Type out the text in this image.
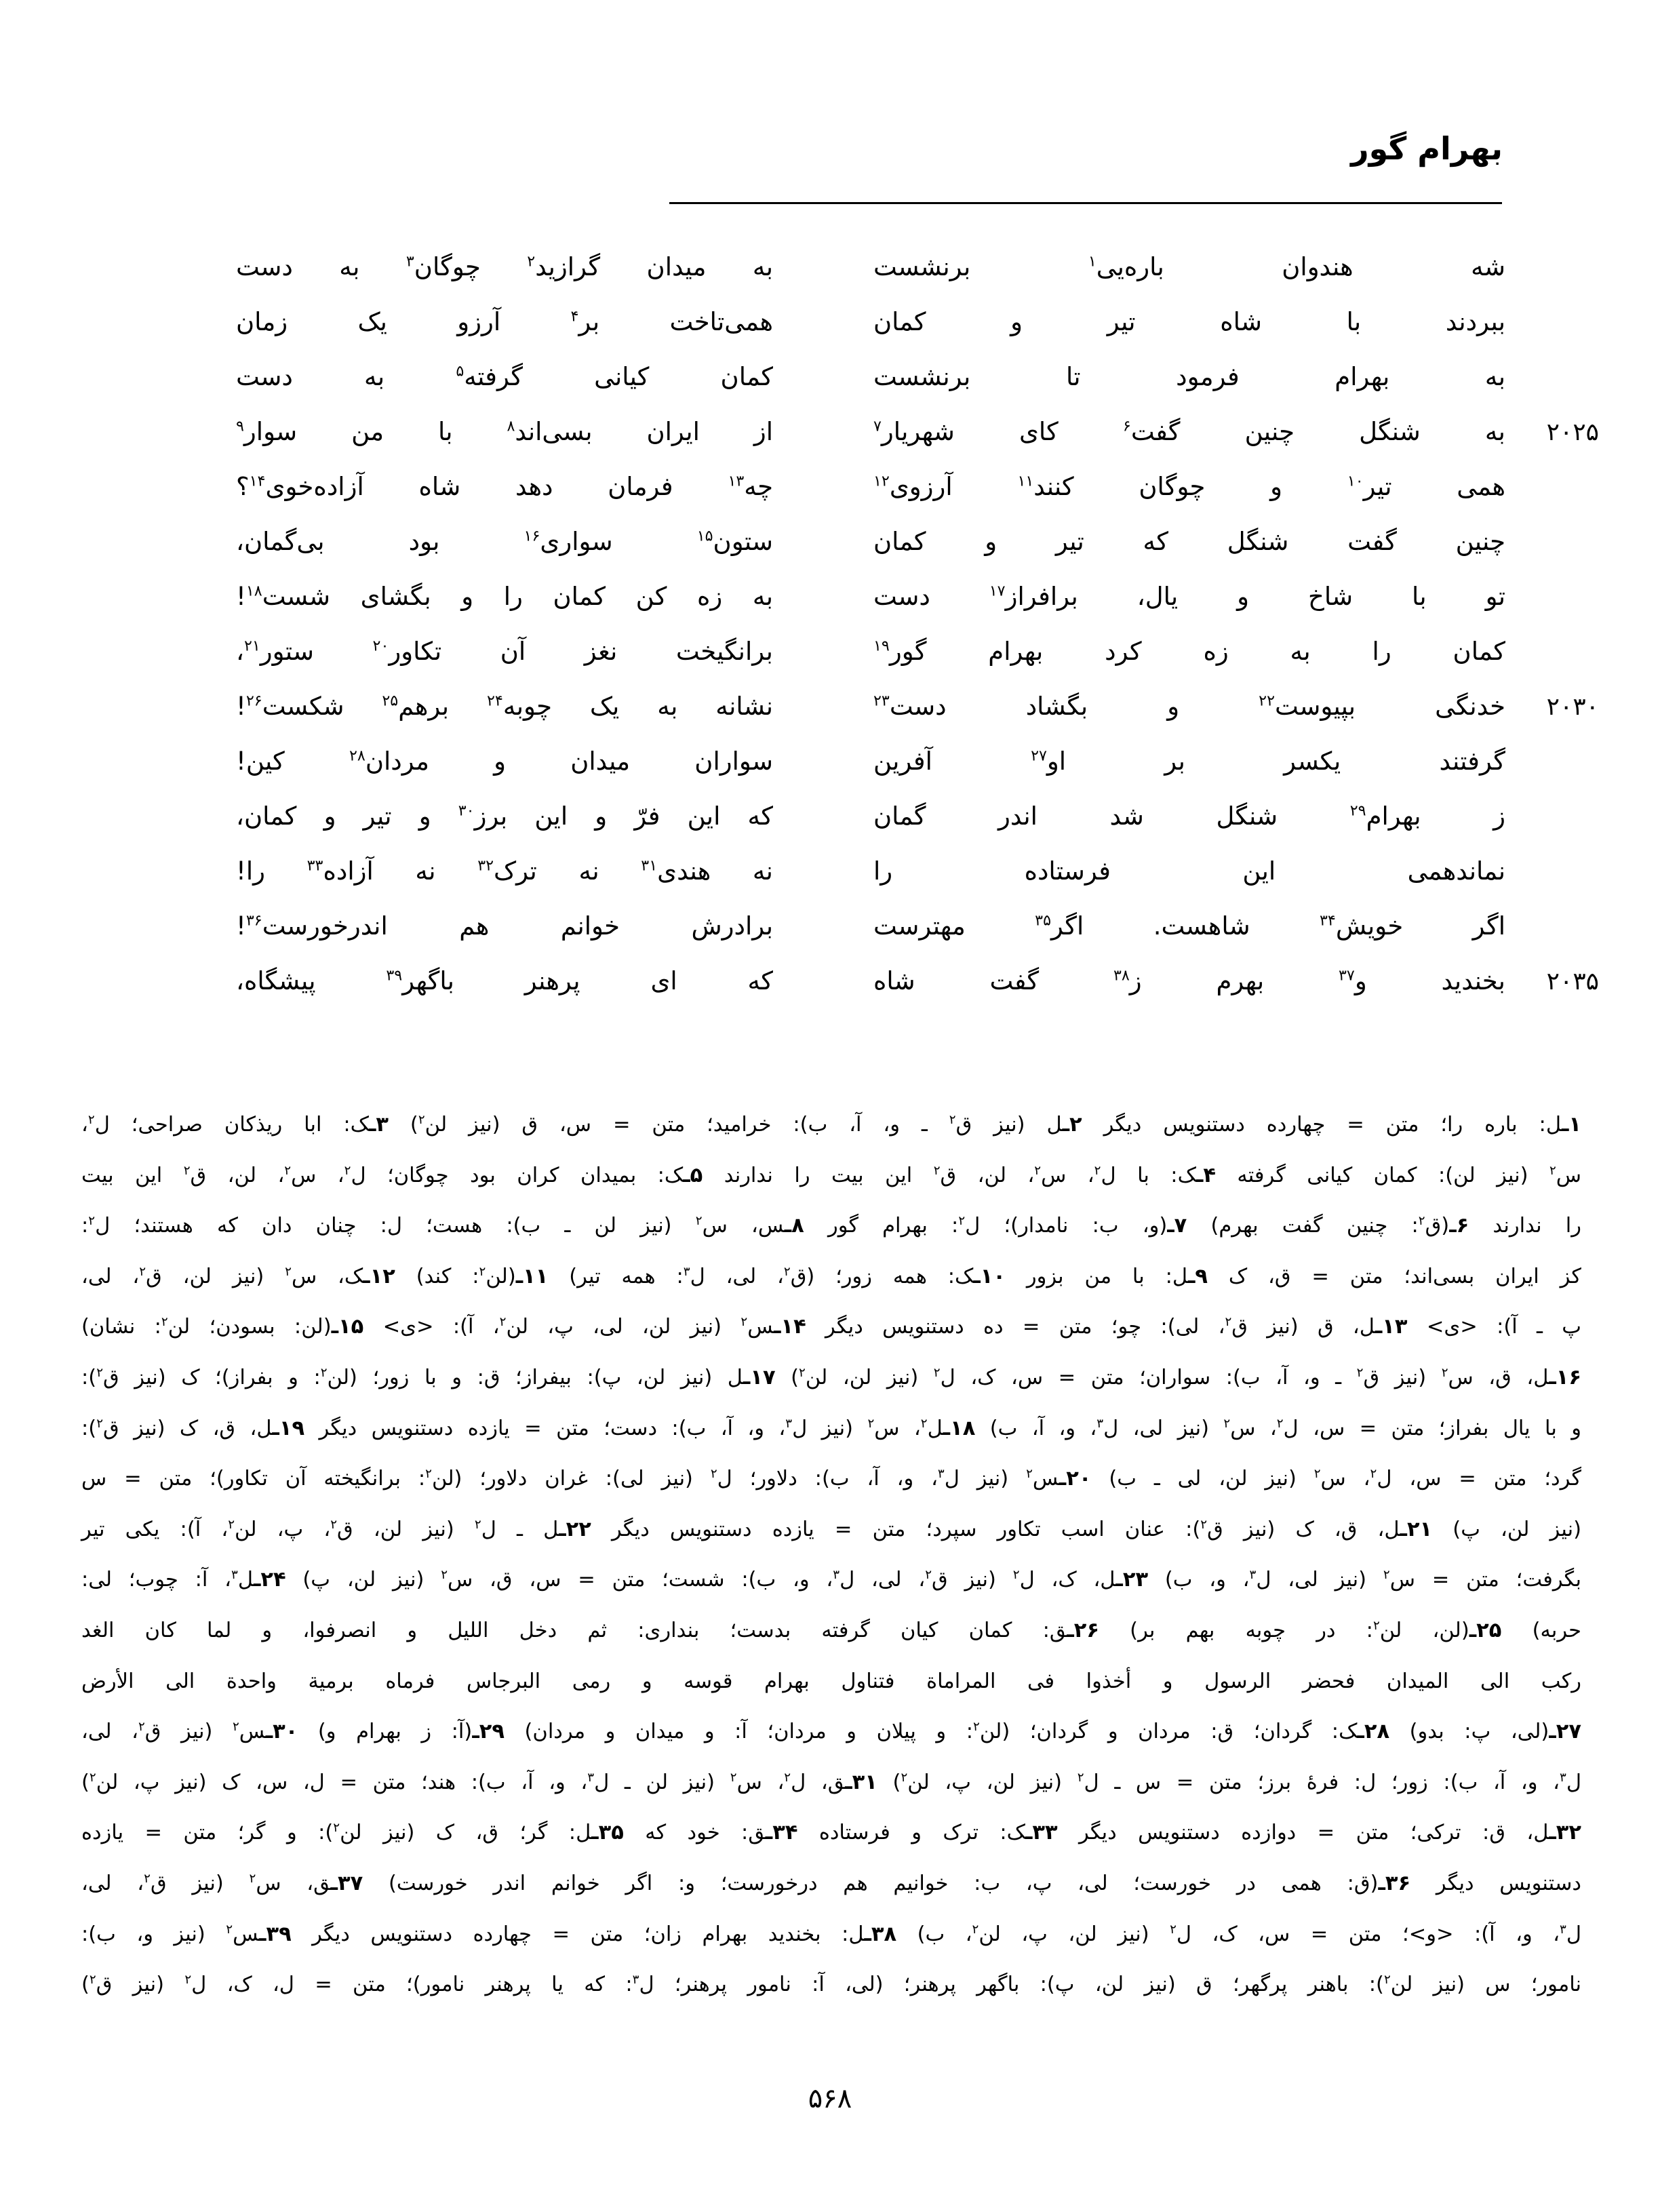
بهرام گور
شه هندوان باره‌یی$^۱$ برنشست
به میدان گرازید$^۲$ چوگان$^۳$ به دست
ببردند با شاه تیر و کمان
همی‌تاخت بر$^۴$ آرزو یک زمان
به بهرام فرمود تا برنشست
کمان کیانی گرفته$^۵$ به دست
۲۰۲۵
به شنگل چنین گفت$^۶$ کای شهریار$^۷$
از ایران بسی‌اند$^۸$ با من سوار$^۹$
همی تیر$^{۱۰}$ و چوگان کنند$^{۱۱}$ آرزوی$^{۱۲}$
چه$^{۱۳}$ فرمان دهد شاه آزاده‌خوی$^{۱۴}$؟
چنین گفت شنگل که تیر و کمان
ستون$^{۱۵}$ سواری$^{۱۶}$ بود بی‌گمان،
تو با شاخ و یال، برافراز$^{۱۷}$ دست
به زه کن کمان را و بگشای شست$^{۱۸}$!
کمان را به زه کرد بهرام گور$^{۱۹}$
برانگیخت نغز آن تکاور$^{۲۰}$ ستور$^{۲۱}$،
۲۰۳۰
خدنگی بپیوست$^{۲۲}$ و بگشاد دست$^{۲۳}$
نشانه به یک چوبه$^{۲۴}$ برهم$^{۲۵}$ شکست$^{۲۶}$!
گرفتند یکسر بر او$^{۲۷}$ آفرین
سواران میدان و مردان$^{۲۸}$ کین!
ز بهرام$^{۲۹}$ شنگل شد اندر گمان
که این فرّ و این برز$^{۳۰}$ و تیر و کمان،
نماندهمی این فرستاده را
نه هندی$^{۳۱}$ نه ترک$^{۳۲}$ نه آزاده$^{۳۳}$ را!
اگر خویش$^{۳۴}$ شاهست. اگر$^{۳۵}$ مهترست
برادرش خوانم هم اندرخورست$^{۳۶}$!
۲۰۳۵
بخندید و$^{۳۷}$ بهرم ز$^{۳۸}$ گفت شاه
که ای پرهنر باگهر$^{۳۹}$ پیشگاه،
۱ـل: باره را؛ متن = چهارده دستنویس دیگر ۲ـل (نیز ق$^۲$ ـ و، آ، ب): خرامید؛ متن = س، ق (نیز لن$^۲$) ۳ـک: ابا ریذکان صراحی؛ ل$^۲$،
س$^۲$ (نیز لن): کمان کیانی گرفته ۴ـک: با ل$^۲$، س$^۲$، لن، ق$^۲$ این بیت را ندارند ۵ـک: بمیدان کران بود چوگان؛ ل$^۲$، س$^۲$، لن، ق$^۲$ این بیت
را ندارند ۶ـ(ق$^۲$: چنین گفت بهرم) ۷ـ(و، ب: نامدار)؛ ل$^۲$: بهرام گور ۸ـس، س$^۲$ (نیز لن ـ ب): هست؛ ل: چنان دان که هستند؛ ل$^۲$:
کز ایران بسی‌اند؛ متن = ق، ک ۹ـل: با من بزور ۱۰ـک: همه زور؛ (ق$^۲$، لی، ل$^۳$: همه تیر) ۱۱ـ(لن$^۲$: کند) ۱۲ـک، س$^۲$ (نیز لن، ق$^۲$، لی،
پ ـ آ): <ی> ۱۳ـل، ق (نیز ق$^۲$، لی): چو؛ متن = ده دستنویس دیگر ۱۴ـس$^۲$ (نیز لن، لی، پ، لن$^۲$، آ): <ی> ۱۵ـ(لن: بسودن؛ لن$^۲$: نشان)
۱۶ـل، ق، س$^۲$ (نیز ق$^۲$ ـ و، آ، ب): سواران؛ متن = س، ک، ل$^۲$ (نیز لن، لن$^۲$) ۱۷ـل (نیز لن، پ): بیفراز؛ ق: و با زور؛ (لن$^۲$: و بفراز)؛ ک (نیز ق$^۲$):
و با یال بفراز؛ متن = س، ل$^۲$، س$^۲$ (نیز لی، ل$^۳$، و، آ، ب) ۱۸ـل$^۲$، س$^۲$ (نیز ل$^۳$، و، آ، ب): دست؛ متن = یازده دستنویس دیگر ۱۹ـل، ق، ک (نیز ق$^۲$):
گرد؛ متن = س، ل$^۲$، س$^۲$ (نیز لن، لی ـ ب) ۲۰ـس$^۲$ (نیز ل$^۳$، و، آ، ب): دلاور؛ ل$^۲$ (نیز لی): غران دلاور؛ (لن$^۲$: برانگیخته آن تکاور)؛ متن = س
(نیز لن، پ) ۲۱ـل، ق، ک (نیز ق$^۲$): عنان اسب تکاور سپرد؛ متن = یازده دستنویس دیگر ۲۲ـل ـ ل$^۲$ (نیز لن، ق$^۲$، پ، لن$^۲$، آ): یکی تیر
بگرفت؛ متن = س$^۲$ (نیز لی، ل$^۳$، و، ب) ۲۳ـل، ک، ل$^۲$ (نیز ق$^۲$، لی، ل$^۳$، و، ب): شست؛ متن = س، ق، س$^۲$ (نیز لن، پ) ۲۴ـل$^۳$، آ: چوب؛ لی:
حربه) ۲۵ـ(لن، لن$^۲$: در چوبه بهم بر) ۲۶ـق: کمان کیان گرفته بدست؛ بنداری: ثم دخل اللیل و انصرفوا، و لما کان الغد
رکب الی المیدان فحضر الرسول و أخذوا فی المراماة فتناول بهرام قوسه و رمی البرجاس فرماه برمیة واحدة الی الأرض
۲۷ـ(لی، پ: بدو) ۲۸ـک: گردان؛ ق: مردان و گردان؛ (لن$^۲$: و پیلان و مردان؛ آ: و میدان و مردان) ۲۹ـ(آ: ز بهرام و) ۳۰ـس$^۲$ (نیز ق$^۲$، لی،
ل$^۳$، و، آ، ب): زور؛ ل: فرهٔ برز؛ متن = س ـ ل$^۲$ (نیز لن، پ، لن$^۲$) ۳۱ـق، ل$^۲$، س$^۲$ (نیز لن ـ ل$^۳$، و، آ، ب): هند؛ متن = ل، س، ک (نیز پ، لن$^۲$)
۳۲ـل، ق: ترکی؛ متن = دوازده دستنویس دیگر ۳۳ـک: ترک و فرستاده ۳۴ـق: خود که ۳۵ـل: گر؛ ق، ک (نیز لن$^۲$): و گر؛ متن = یازده
دستنویس دیگر ۳۶ـ(ق: همی در خورست؛ لی، پ، ب: خوانیم هم درخورست؛ و: اگر خوانم اندر خورست) ۳۷ـق، س$^۲$ (نیز ق$^۲$، لی،
ل$^۳$، و، آ): <و>؛ متن = س، ک، ل$^۲$ (نیز لن، پ، لن$^۲$، ب) ۳۸ـل: بخندید بهرام زان؛ متن = چهارده دستنویس دیگر ۳۹ـس$^۲$ (نیز و، ب):
نامور؛ س (نیز لن$^۲$): باهنر پرگهر؛ ق (نیز لن، پ): باگهر پرهنر؛ (لی، آ: نامور پرهنر؛ ل$^۳$: که یا پرهنر نامور)؛ متن = ل، ک، ل$^۲$ (نیز ق$^۲$)
۵۶۸
